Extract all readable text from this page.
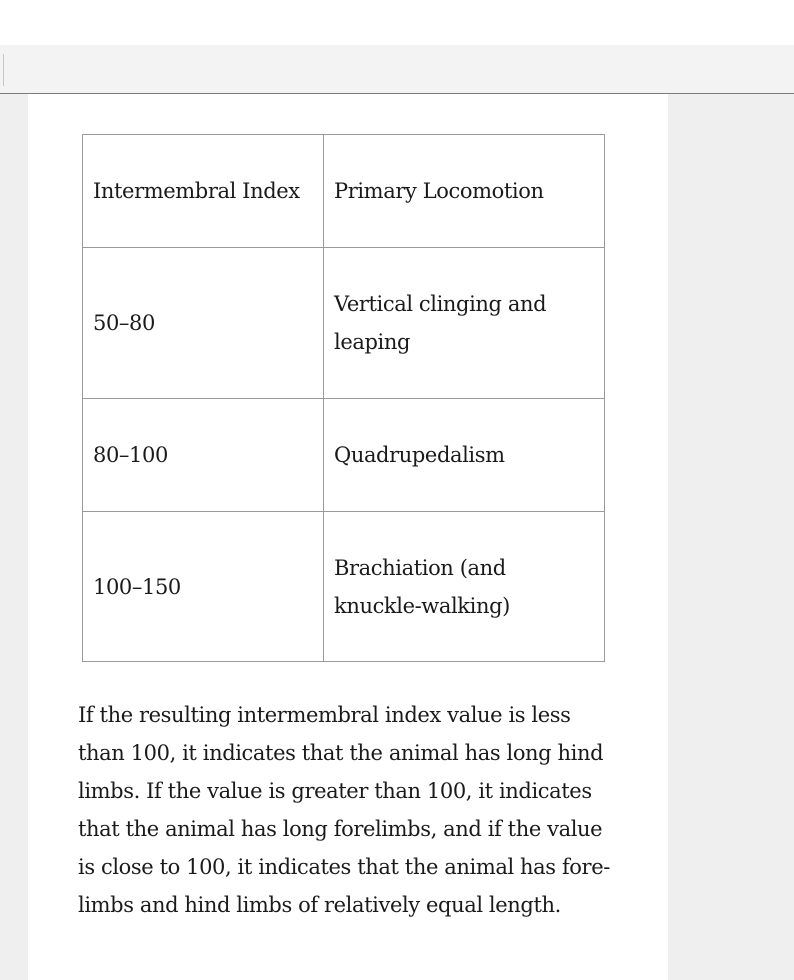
Intermembral Index	Primary Locomotion
50–80	Vertical clinging and leaping
80–100	Quadrupedalism
100–150	Brachiation (and knuckle-walking)

If the resulting intermembral index value is less than 100, it indicates that the animal has long hind limbs. If the value is greater than 100, it indicates that the animal has long forelimbs, and if the value is close to 100, it indicates that the animal has fore-limbs and hind limbs of relatively equal length.
